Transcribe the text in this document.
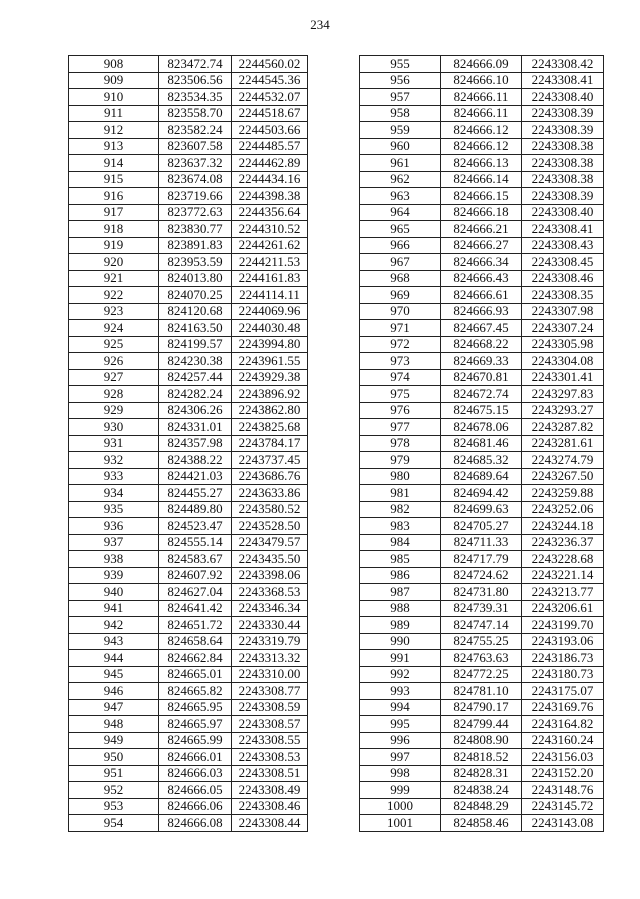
234
908	823472.74	2244560.02
909	823506.56	2244545.36
910	823534.35	2244532.07
911	823558.70	2244518.67
912	823582.24	2244503.66
913	823607.58	2244485.57
914	823637.32	2244462.89
915	823674.08	2244434.16
916	823719.66	2244398.38
917	823772.63	2244356.64
918	823830.77	2244310.52
919	823891.83	2244261.62
920	823953.59	2244211.53
921	824013.80	2244161.83
922	824070.25	2244114.11
923	824120.68	2244069.96
924	824163.50	2244030.48
925	824199.57	2243994.80
926	824230.38	2243961.55
927	824257.44	2243929.38
928	824282.24	2243896.92
929	824306.26	2243862.80
930	824331.01	2243825.68
931	824357.98	2243784.17
932	824388.22	2243737.45
933	824421.03	2243686.76
934	824455.27	2243633.86
935	824489.80	2243580.52
936	824523.47	2243528.50
937	824555.14	2243479.57
938	824583.67	2243435.50
939	824607.92	2243398.06
940	824627.04	2243368.53
941	824641.42	2243346.34
942	824651.72	2243330.44
943	824658.64	2243319.79
944	824662.84	2243313.32
945	824665.01	2243310.00
946	824665.82	2243308.77
947	824665.95	2243308.59
948	824665.97	2243308.57
949	824665.99	2243308.55
950	824666.01	2243308.53
951	824666.03	2243308.51
952	824666.05	2243308.49
953	824666.06	2243308.46
954	824666.08	2243308.44
955	824666.09	2243308.42
956	824666.10	2243308.41
957	824666.11	2243308.40
958	824666.11	2243308.39
959	824666.12	2243308.39
960	824666.12	2243308.38
961	824666.13	2243308.38
962	824666.14	2243308.38
963	824666.15	2243308.39
964	824666.18	2243308.40
965	824666.21	2243308.41
966	824666.27	2243308.43
967	824666.34	2243308.45
968	824666.43	2243308.46
969	824666.61	2243308.35
970	824666.93	2243307.98
971	824667.45	2243307.24
972	824668.22	2243305.98
973	824669.33	2243304.08
974	824670.81	2243301.41
975	824672.74	2243297.83
976	824675.15	2243293.27
977	824678.06	2243287.82
978	824681.46	2243281.61
979	824685.32	2243274.79
980	824689.64	2243267.50
981	824694.42	2243259.88
982	824699.63	2243252.06
983	824705.27	2243244.18
984	824711.33	2243236.37
985	824717.79	2243228.68
986	824724.62	2243221.14
987	824731.80	2243213.77
988	824739.31	2243206.61
989	824747.14	2243199.70
990	824755.25	2243193.06
991	824763.63	2243186.73
992	824772.25	2243180.73
993	824781.10	2243175.07
994	824790.17	2243169.76
995	824799.44	2243164.82
996	824808.90	2243160.24
997	824818.52	2243156.03
998	824828.31	2243152.20
999	824838.24	2243148.76
1000	824848.29	2243145.72
1001	824858.46	2243143.08
